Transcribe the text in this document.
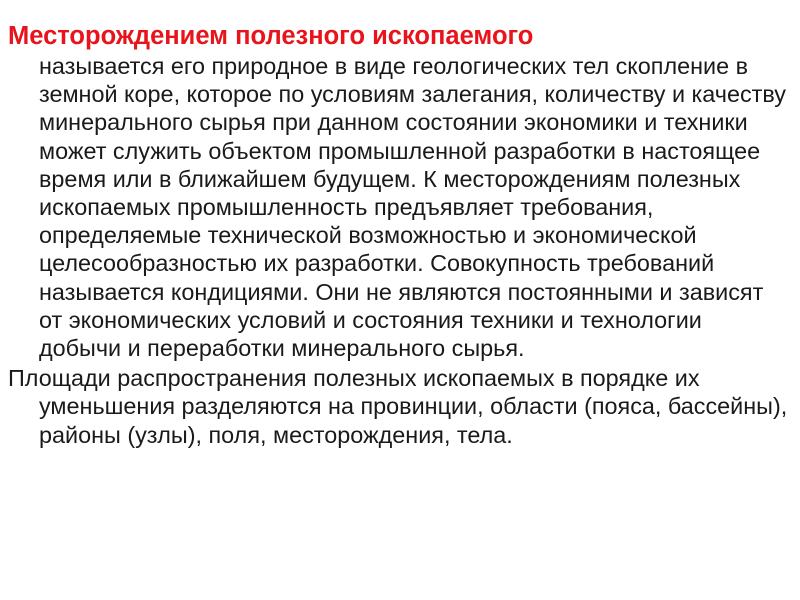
Месторождением полезного ископаемого
называется его природное в виде геологических тел скопление в земной коре, которое по условиям залегания, количеству и качеству минерального сырья при данном состоянии экономики и техники может служить объектом промышленной разработки в настоящее время или в ближайшем будущем. К месторождениям полезных ископаемых промышленность предъявляет требования, определяемые технической возможностью и экономической целесообразностью их разработки. Совокупность требований называется кондициями. Они не являются постоянными и зависят от экономических условий и состояния техники и технологии добычи и переработки минерального сырья.

Площади распространения полезных ископаемых в порядке их уменьшения разделяются на провинции, области (пояса, бассейны), районы (узлы), поля, месторождения, тела.
